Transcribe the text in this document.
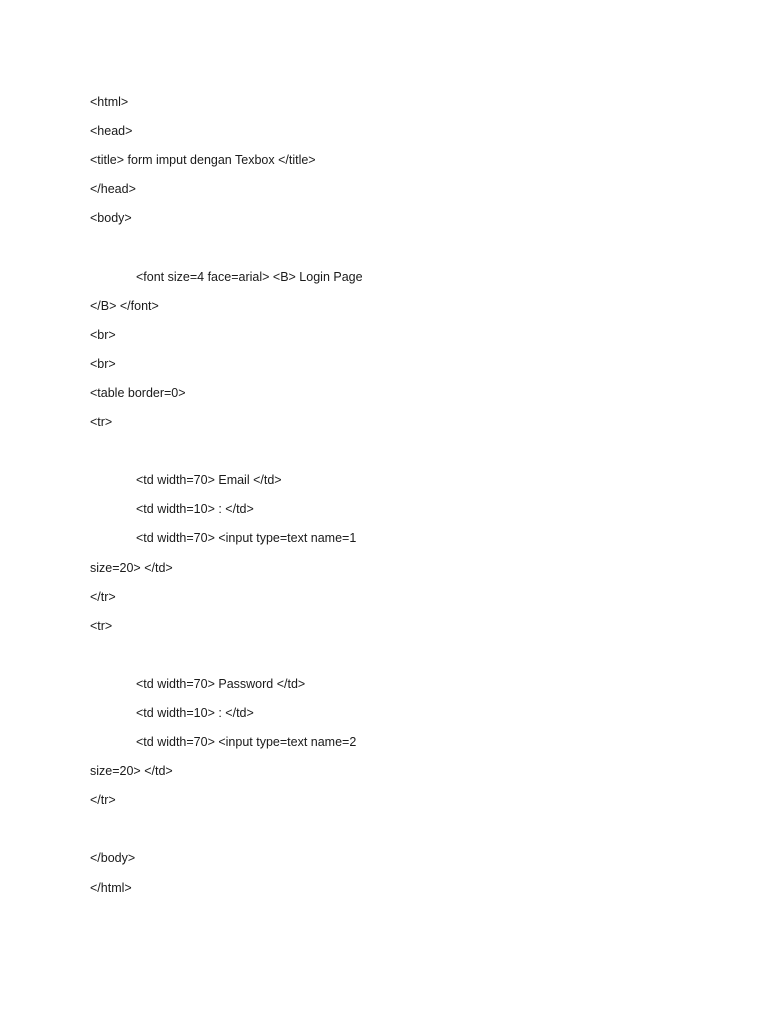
<html>
<head>
<title> form imput dengan Texbox </title>
</head>
<body>
<font size=4 face=arial> <B> Login Page
</B> </font>
<br>
<br>
<table border=0>
<tr>
<td width=70> Email </td>
<td width=10> : </td>
<td width=70> <input type=text name=1
size=20> </td>
</tr>
<tr>
<td width=70> Password </td>
<td width=10> : </td>
<td width=70> <input type=text name=2
size=20> </td>
</tr>
</body>
</html>
